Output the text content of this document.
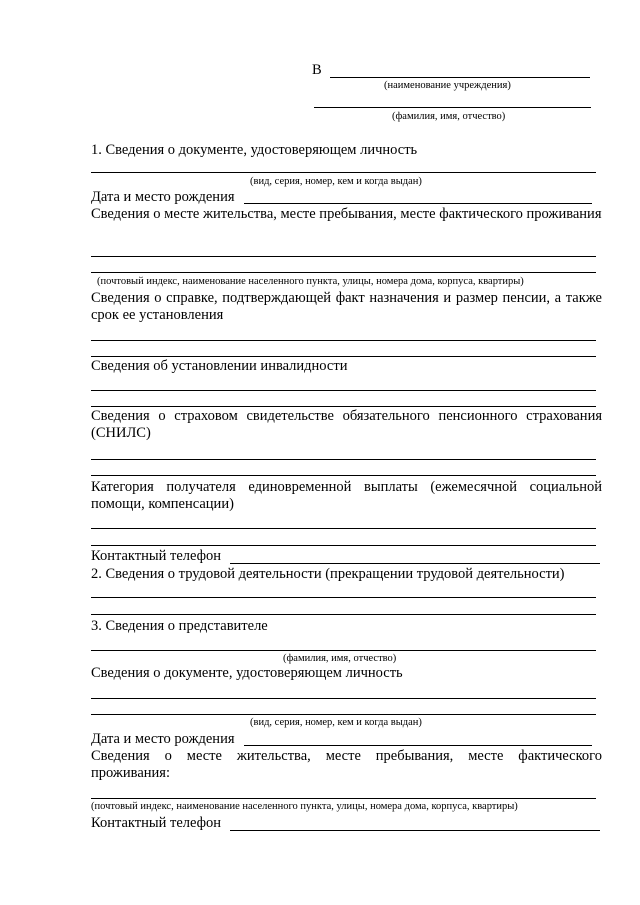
В
(наименование учреждения)
(фамилия, имя, отчество)
1. Сведения о документе, удостоверяющем личность
(вид, серия, номер, кем и когда выдан)
Дата и место рождения
Сведения о месте жительства, месте пребывания, месте фактического проживания
(почтовый индекс, наименование населенного пункта, улицы, номера дома, корпуса, квартиры)
Сведения о справке, подтверждающей факт назначения и размер пенсии, а также срок ее установления
Сведения об установлении инвалидности
Сведения о страховом свидетельстве обязательного пенсионного страхования (СНИЛС)
Категория получателя единовременной выплаты (ежемесячной социальной помощи, компенсации)
Контактный телефон
2. Сведения о трудовой деятельности (прекращении трудовой деятельности)
3. Сведения о представителе
(фамилия, имя, отчество)
Сведения о документе, удостоверяющем личность
(вид, серия, номер, кем и когда выдан)
Дата и место рождения
Сведения о месте жительства, месте пребывания, месте фактического проживания:
(почтовый индекс, наименование населенного пункта, улицы, номера дома, корпуса, квартиры)
Контактный телефон
